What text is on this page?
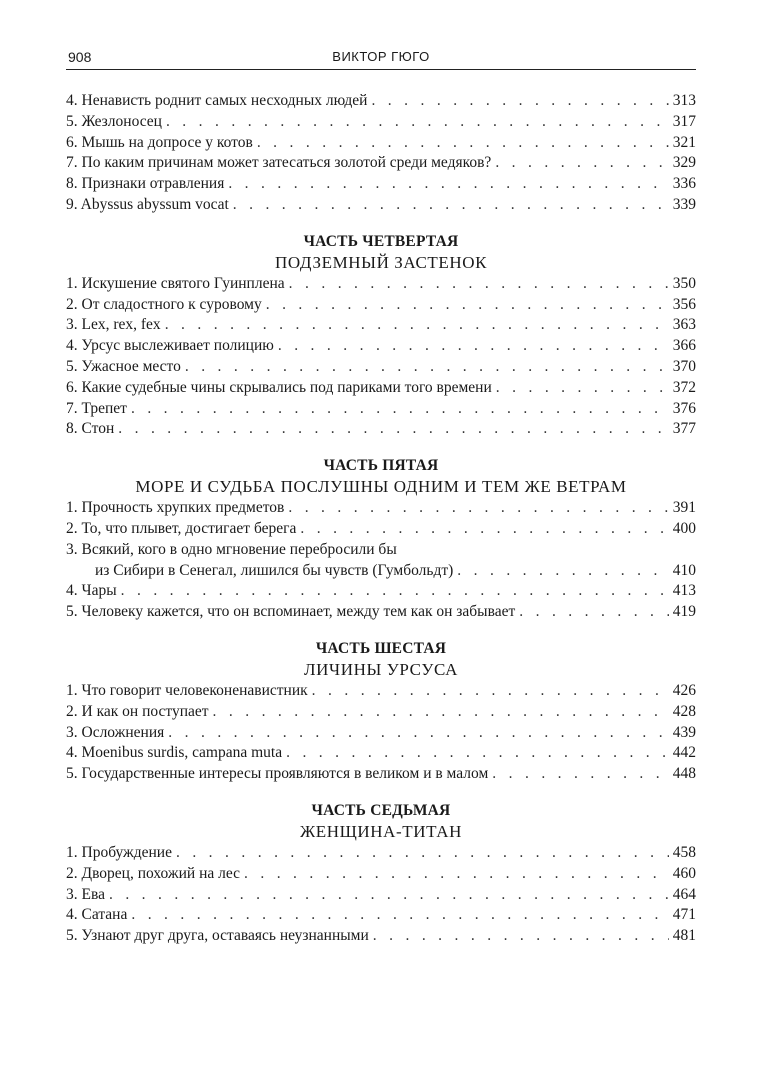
908	ВИКТОР ГЮГО
4. Ненависть роднит самых несходных людей . . .	313
5. Жезлоносец . . .	317
6. Мышь на допросе у котов . . .	321
7. По каким причинам может затесаться золотой среди медяков? . . .	329
8. Признаки отравления . . .	336
9. Abyssus abyssum vocat . . .	339
ЧАСТЬ ЧЕТВЕРТАЯ
ПОДЗЕМНЫЙ ЗАСТЕНОК
1. Искушение святого Гуинплена . . .	350
2. От сладостного к суровому . . .	356
3. Lex, rex, fex . . .	363
4. Урсус выслеживает полицию . . .	366
5. Ужасное место . . .	370
6. Какие судебные чины скрывались под париками того времени . . .	372
7. Трепет . . .	376
8. Стон . . .	377
ЧАСТЬ ПЯТАЯ
МОРЕ И СУДЬБА ПОСЛУШНЫ ОДНИМ И ТЕМ ЖЕ ВЕТРАМ
1. Прочность хрупких предметов . . .	391
2. То, что плывет, достигает берега . . .	400
3. Всякий, кого в одно мгновение перебросили бы
из Сибири в Сенегал, лишился бы чувств (Гумбольдт) . . .	410
4. Чары . . .	413
5. Человеку кажется, что он вспоминает, между тем как он забывает . . .	419
ЧАСТЬ ШЕСТАЯ
ЛИЧИНЫ УРСУСА
1. Что говорит человеконенавистник . . .	426
2. И как он поступает . . .	428
3. Осложнения . . .	439
4. Moenibus surdis, campana muta . . .	442
5. Государственные интересы проявляются в великом и в малом . . .	448
ЧАСТЬ СЕДЬМАЯ
ЖЕНЩИНА-ТИТАН
1. Пробуждение . . .	458
2. Дворец, похожий на лес . . .	460
3. Ева . . .	464
4. Сатана . . .	471
5. Узнают друг друга, оставаясь неузнанными . . .	481
